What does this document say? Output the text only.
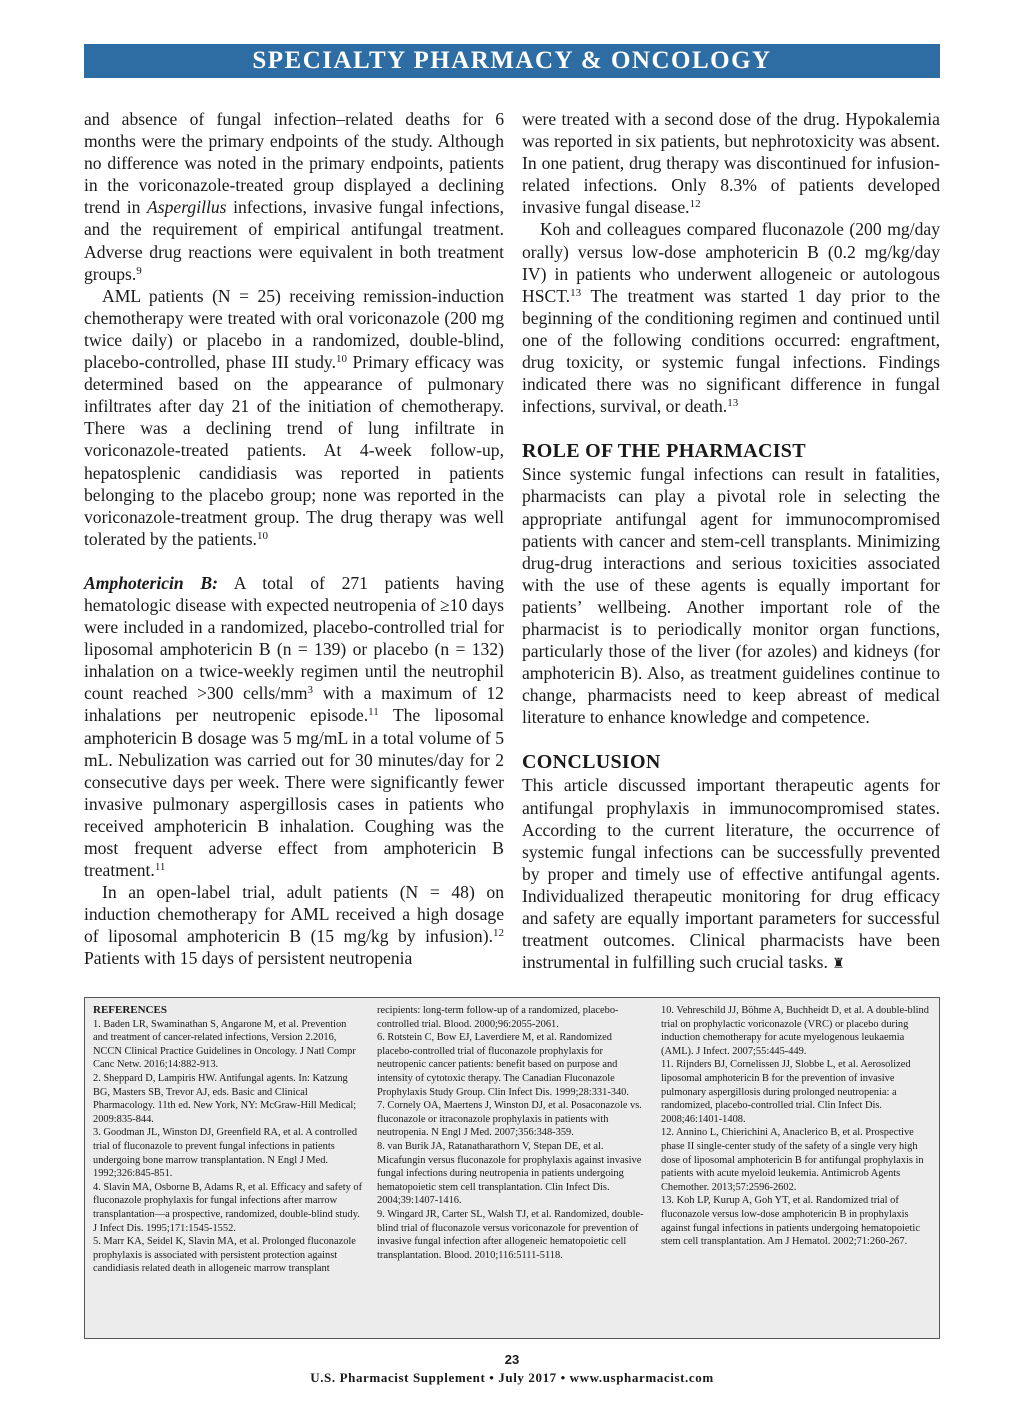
SPECIALTY PHARMACY & ONCOLOGY

and absence of fungal infection–related deaths for 6 months were the primary endpoints of the study. Although no difference was noted in the primary endpoints, patients in the voriconazole-treated group displayed a declining trend in Aspergillus infections, invasive fungal infections, and the requirement of empirical antifungal treatment. Adverse drug reactions were equivalent in both treatment groups.$^9$

AML patients (N = 25) receiving remission-induction chemotherapy were treated with oral voriconazole (200 mg twice daily) or placebo in a randomized, double-blind, placebo-controlled, phase III study.$^{10}$ Primary efficacy was determined based on the appearance of pulmonary infiltrates after day 21 of the initiation of chemotherapy. There was a declining trend of lung infiltrate in voriconazole-treated patients. At 4-week follow-up, hepatosplenic candidiasis was reported in patients belonging to the placebo group; none was reported in the voriconazole-treatment group. The drug therapy was well tolerated by the patients.$^{10}$

Amphotericin B: A total of 271 patients having hematologic disease with expected neutropenia of ≥10 days were included in a randomized, placebo-controlled trial for liposomal amphotericin B (n = 139) or placebo (n = 132) inhalation on a twice-weekly regimen until the neutrophil count reached >300 cells/$mm^3$ with a maximum of 12 inhalations per neutropenic episode.$^{11}$ The liposomal amphotericin B dosage was 5 mg/mL in a total volume of 5 mL. Nebulization was carried out for 30 minutes/day for 2 consecutive days per week. There were significantly fewer invasive pulmonary aspergillosis cases in patients who received amphotericin B inhalation. Coughing was the most frequent adverse effect from amphotericin B treatment.$^{11}$

In an open-label trial, adult patients (N = 48) on induction chemotherapy for AML received a high dosage of liposomal amphotericin B (15 mg/kg by infusion).$^{12}$ Patients with 15 days of persistent neutropenia

were treated with a second dose of the drug. Hypokalemia was reported in six patients, but nephrotoxicity was absent. In one patient, drug therapy was discontinued for infusion-related infections. Only 8.3% of patients developed invasive fungal disease.$^{12}$

Koh and colleagues compared fluconazole (200 mg/day orally) versus low-dose amphotericin B (0.2 mg/kg/day IV) in patients who underwent allogeneic or autologous HSCT.$^{13}$ The treatment was started 1 day prior to the beginning of the conditioning regimen and continued until one of the following conditions occurred: engraftment, drug toxicity, or systemic fungal infections. Findings indicated there was no significant difference in fungal infections, survival, or death.$^{13}$

ROLE OF THE PHARMACIST

Since systemic fungal infections can result in fatalities, pharmacists can play a pivotal role in selecting the appropriate antifungal agent for immunocompromised patients with cancer and stem-cell transplants. Minimizing drug-drug interactions and serious toxicities associated with the use of these agents is equally important for patients’ wellbeing. Another important role of the pharmacist is to periodically monitor organ functions, particularly those of the liver (for azoles) and kidneys (for amphotericin B). Also, as treatment guidelines continue to change, pharmacists need to keep abreast of medical literature to enhance knowledge and competence.

CONCLUSION

This article discussed important therapeutic agents for antifungal prophylaxis in immunocompromised states. According to the current literature, the occurrence of systemic fungal infections can be successfully prevented by proper and timely use of effective antifungal agents. Individualized therapeutic monitoring for drug efficacy and safety are equally important parameters for successful treatment outcomes. Clinical pharmacists have been instrumental in fulfilling such crucial tasks. ♜

REFERENCES

1. Baden LR, Swaminathan S, Angarone M, et al. Prevention and treatment of cancer-related infections, Version 2.2016, NCCN Clinical Practice Guidelines in Oncology. J Natl Compr Canc Netw. 2016;14:882-913.

2. Sheppard D, Lampiris HW. Antifungal agents. In: Katzung BG, Masters SB, Trevor AJ, eds. Basic and Clinical Pharmacology. 11th ed. New York, NY: McGraw-Hill Medical; 2009:835-844.

3. Goodman JL, Winston DJ, Greenfield RA, et al. A controlled trial of fluconazole to prevent fungal infections in patients undergoing bone marrow transplantation. N Engl J Med. 1992;326:845-851.

4. Slavin MA, Osborne B, Adams R, et al. Efficacy and safety of fluconazole prophylaxis for fungal infections after marrow transplantation—a prospective, randomized, double-blind study. J Infect Dis. 1995;171:1545-1552.

5. Marr KA, Seidel K, Slavin MA, et al. Prolonged fluconazole prophylaxis is associated with persistent protection against candidiasis related death in allogeneic marrow transplant recipients: long-term follow-up of a randomized, placebo-controlled trial. Blood. 2000;96:2055-2061.

6. Rotstein C, Bow EJ, Laverdiere M, et al. Randomized placebo-controlled trial of fluconazole prophylaxis for neutropenic cancer patients: benefit based on purpose and intensity of cytotoxic therapy. The Canadian Fluconazole Prophylaxis Study Group. Clin Infect Dis. 1999;28:331-340.

7. Cornely OA, Maertens J, Winston DJ, et al. Posaconazole vs. fluconazole or itraconazole prophylaxis in patients with neutropenia. N Engl J Med. 2007;356:348-359.

8. van Burik JA, Ratanatharathorn V, Stepan DE, et al. Micafungin versus fluconazole for prophylaxis against invasive fungal infections during neutropenia in patients undergoing hematopoietic stem cell transplantation. Clin Infect Dis. 2004;39:1407-1416.

9. Wingard JR, Carter SL, Walsh TJ, et al. Randomized, double-blind trial of fluconazole versus voriconazole for prevention of invasive fungal infection after allogeneic hematopoietic cell transplantation. Blood. 2010;116:5111-5118.

10. Vehreschild JJ, Böhme A, Buchheidt D, et al. A double-blind trial on prophylactic voriconazole (VRC) or placebo during induction chemotherapy for acute myelogenous leukaemia (AML). J Infect. 2007;55:445-449.

11. Rijnders BJ, Cornelissen JJ, Slobbe L, et al. Aerosolized liposomal amphotericin B for the prevention of invasive pulmonary aspergillosis during prolonged neutropenia: a randomized, placebo-controlled trial. Clin Infect Dis. 2008;46:1401-1408.

12. Annino L, Chierichini A, Anaclerico B, et al. Prospective phase II single-center study of the safety of a single very high dose of liposomal amphotericin B for antifungal prophylaxis in patients with acute myeloid leukemia. Antimicrob Agents Chemother. 2013;57:2596-2602.

13. Koh LP, Kurup A, Goh YT, et al. Randomized trial of fluconazole versus low-dose amphotericin B in prophylaxis against fungal infections in patients undergoing hematopoietic stem cell transplantation. Am J Hematol. 2002;71:260-267.

23
U.S. Pharmacist Supplement • July 2017 • www.uspharmacist.com
